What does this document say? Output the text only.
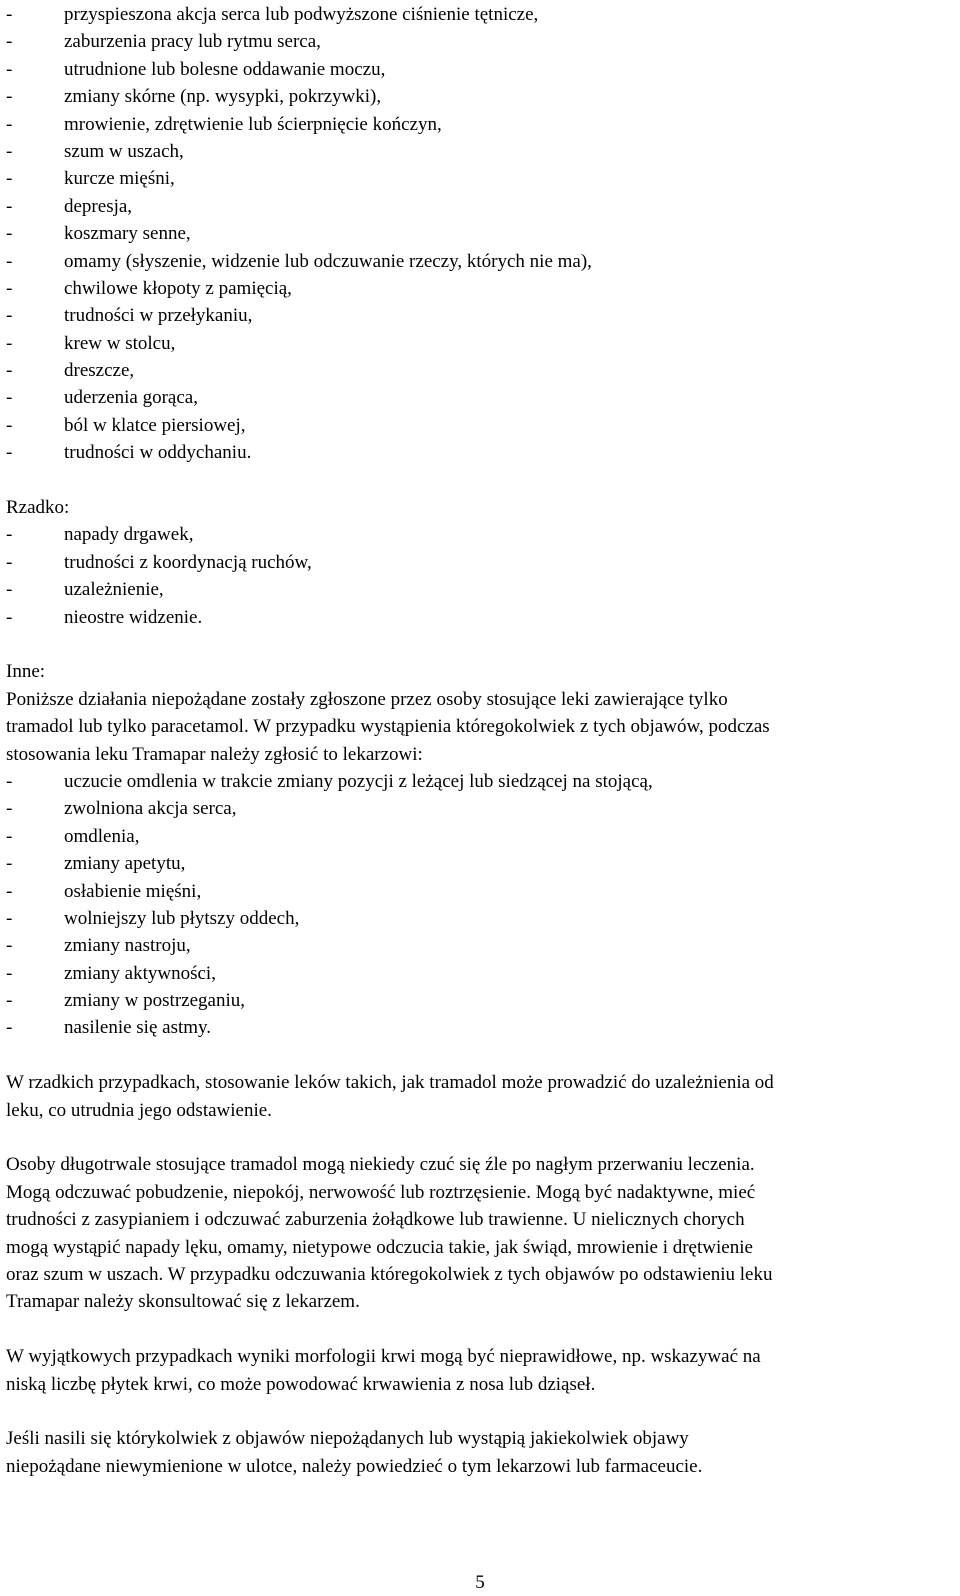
-	przyspieszona akcja serca lub podwyższone ciśnienie tętnicze,
-	zaburzenia pracy lub rytmu serca,
-	utrudnione lub bolesne oddawanie moczu,
-	zmiany skórne (np. wysypki, pokrzywki),
-	mrowienie, zdrętwienie lub ścierpnięcie kończyn,
-	szum w uszach,
-	kurcze mięśni,
-	depresja,
-	koszmary senne,
-	omamy (słyszenie, widzenie lub odczuwanie rzeczy, których nie ma),
-	chwilowe kłopoty z pamięcią,
-	trudności w przełykaniu,
-	krew w stolcu,
-	dreszcze,
-	uderzenia gorąca,
-	ból w klatce piersiowej,
-	trudności w oddychaniu.
Rzadko:
-	napady drgawek,
-	trudności z koordynacją ruchów,
-	uzależnienie,
-	nieostre widzenie.
Inne:
Poniższe działania niepożądane zostały zgłoszone przez osoby stosujące leki zawierające tylko
tramadol lub tylko paracetamol. W przypadku wystąpienia któregokolwiek z tych objawów, podczas
stosowania leku Tramapar należy zgłosić to lekarzowi:
-	uczucie omdlenia w trakcie zmiany pozycji z leżącej lub siedzącej na stojącą,
-	zwolniona akcja serca,
-	omdlenia,
-	zmiany apetytu,
-	osłabienie mięśni,
-	wolniejszy lub płytszy oddech,
-	zmiany nastroju,
-	zmiany aktywności,
-	zmiany w postrzeganiu,
-	nasilenie się astmy.
W rzadkich przypadkach, stosowanie leków takich, jak tramadol może prowadzić do uzależnienia od
leku, co utrudnia jego odstawienie.
Osoby długotrwale stosujące tramadol mogą niekiedy czuć się źle po nagłym przerwaniu leczenia.
Mogą odczuwać pobudzenie, niepokój, nerwowość lub roztrzęsienie. Mogą być nadaktywne, mieć
trudności z zasypianiem i odczuwać zaburzenia żołądkowe lub trawienne. U nielicznych chorych
mogą wystąpić napady lęku, omamy, nietypowe odczucia takie, jak świąd, mrowienie i drętwienie
oraz szum w uszach. W przypadku odczuwania któregokolwiek z tych objawów po odstawieniu leku
Tramapar należy skonsultować się z lekarzem.
W wyjątkowych przypadkach wyniki morfologii krwi mogą być nieprawidłowe, np. wskazywać na
niską liczbę płytek krwi, co może powodować krwawienia z nosa lub dziąseł.
Jeśli nasili się którykolwiek z objawów niepożądanych lub wystąpią jakiekolwiek objawy
niepożądane niewymienione w ulotce, należy powiedzieć o tym lekarzowi lub farmaceucie.
5
